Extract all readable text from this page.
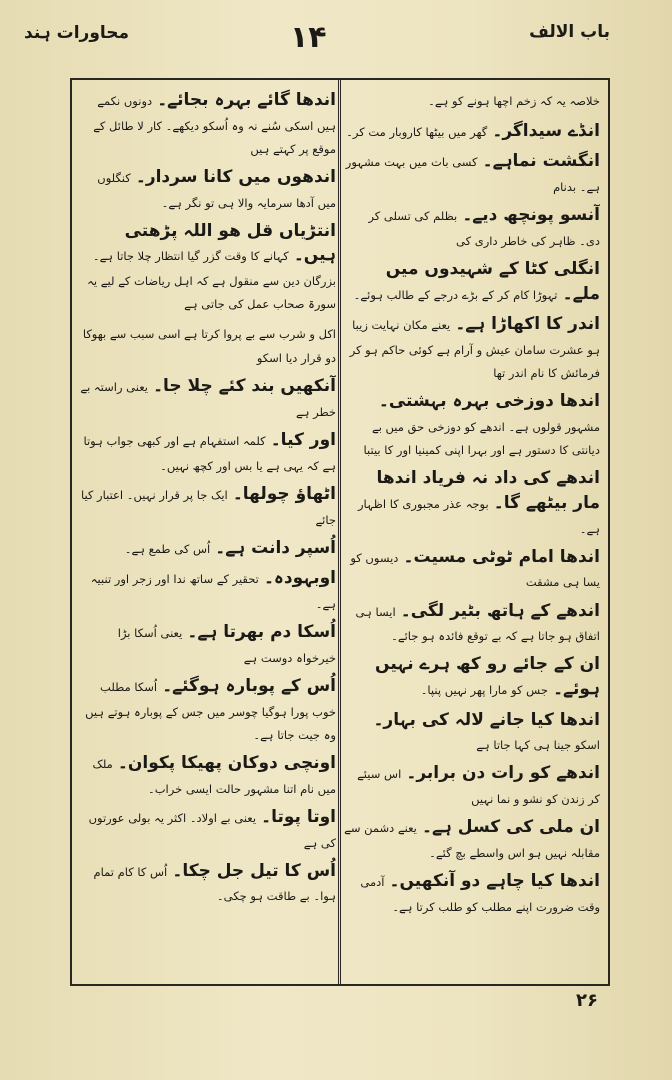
باب الالف
۱۴
محاورات ہند
خلاصہ یہ کہ زخم اچھا ہونے کو ہے۔
انڈے سیداگر۔ گھر میں بیٹھا کاروبار مت کر۔
انگشت نماہے۔ کسی بات میں بہت مشہور ہے۔ بدنام
آنسو پونچھ دیے۔ بظلم کی تسلی کر دی۔ ظاہر کی خاطر داری کی
انگلی کٹا کے شہیدوں میں ملے۔ تہوڑا کام کر کے بڑے درجے کے طالب ہوئے۔
اندر کا اکھاڑا ہے۔ یعنے مکان نہایت زیبا ہو عشرت سامان عیش و آرام ہے کوئی حاکم ہو کر فرمائش کا نام اندر تھا
اندھا دوزخی بہرہ بہشتی۔ مشہور قولوں ہے۔ اندھے کو دوزخی حق میں بے دیانتی کا دستور ہے اور بہرا اپنی کمینیا اور کا بیتبا
اندھے کی داد نہ فریاد اندھا مار بیٹھے گا۔ بوجہ عذر مجبوری کا اظہار ہے۔
اندھا امام ٹوٹی مسیت۔ دیسوں کو یسا ہی مشقت
اندھے کے ہاتھ بٹیر لگی۔ ایسا ہی اتفاق ہو جاتا ہے کہ بے توقع فائدہ ہو جائے۔
ان کے جائے رو کھ ہرے نہیں ہوئے۔ جس کو مارا پھر نہیں پنپا۔
اندھا کیا جانے لالہ کی بہار۔ اسکو جینا ہی کہا جاتا ہے
اندھے کو رات دن برابر۔ اس سیئے کر زندن کو نشو و نما نہیں
ان ملی کی کسل ہے۔ یعنے دشمن سے مقابلہ نہیں ہو اس واسطے بچ گئے۔
اندھا کیا چاہے دو آنکھیں۔ آدمی وقت ضرورت اپنے مطلب کو طلب کرتا ہے۔
اندھا گائے بہرہ بجائے۔ دونوں نکمے ہیں اسکی سُنے نہ وہ اُسکو دیکھے۔ کار لا طائل کے موقع پر کہتے ہیں
اندھوں میں کانا سردار۔ کنگلوں میں آدھا سرمایہ والا ہی تو نگر ہے۔
انتڑیاں قل ھو اللہ پڑھتی ہیں۔ کہانے کا وقت گزر گیا انتظار چلا جاتا ہے۔ بزرگان دین سے منقول ہے کہ اہل ریاضات کے لیے یہ سورۃ صحاب عمل کی جاتی ہے
اکل و شرب سے بے پروا کرتا ہے اسی سبب سے بھوکا دو قرار دیا اسکو
آنکھیں بند کئے چلا جا۔ یعنی راستہ بے خطر ہے
اور کیا۔ کلمہ استفہام ہے اور کبھی جواب ہوتا ہے کہ یہی ہے یا بس اور کچھ نہیں۔
اٹھاؤ چولھا۔ ایک جا پر قرار نہیں۔ اعتبار کیا جائے
اُسپر دانت ہے۔ اُس کی طمع ہے۔
اوبہودہ۔ تحقیر کے ساتھ ندا اور زجر اور تنبیہ ہے۔
اُسکا دم بھرتا ہے۔ یعنی اُسکا بڑا خیرخواہ دوست ہے
اُس کے پوبارہ ہوگئے۔ اُسکا مطلب خوب پورا ہوگیا چوسر میں جس کے پوبارہ ہوتے ہیں وہ جیت جاتا ہے۔
اونچی دوکان پھیکا پکوان۔ ملک میں نام اتنا مشہور حالت ایسی خراب۔
اوتا پوتا۔ یعنی بے اولاد۔ اکثر یہ بولی عورتوں کی ہے
اُس کا تیل جل چکا۔ اُس کا کام تمام ہوا۔ بے طاقت ہو چکی۔
۲۶
